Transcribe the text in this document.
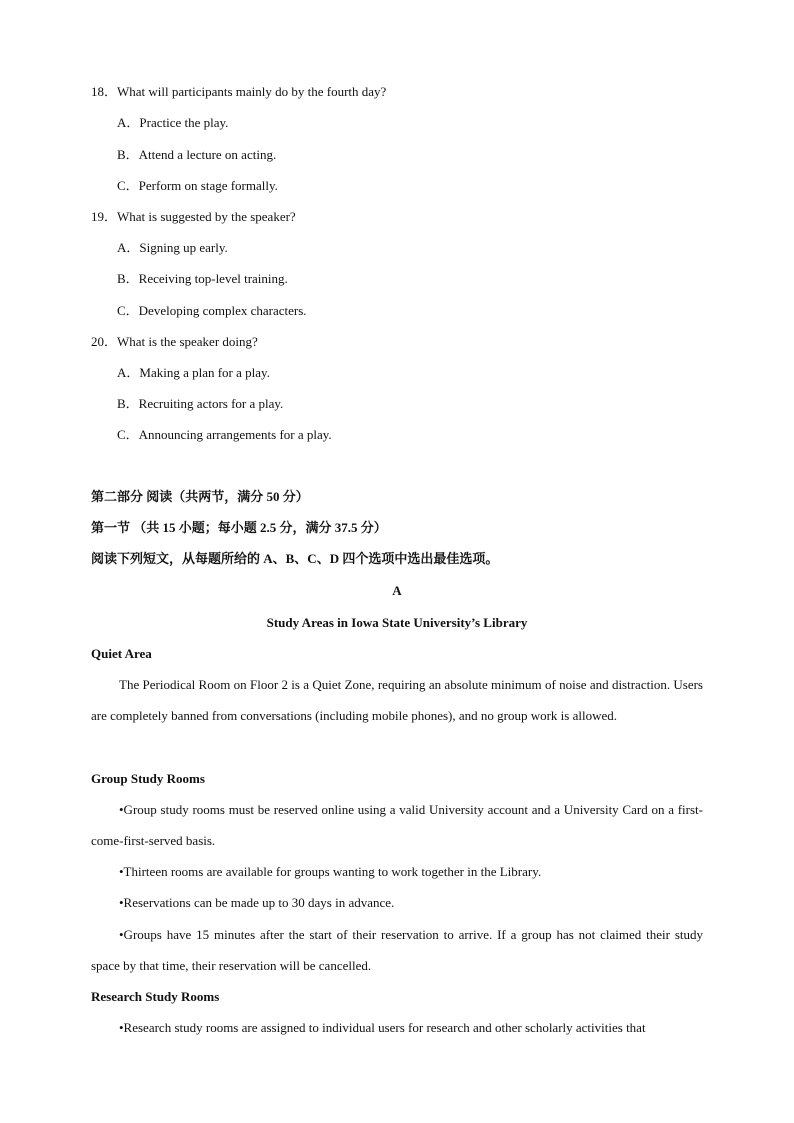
18．What will participants mainly do by the fourth day?
A．Practice the play.
B．Attend a lecture on acting.
C．Perform on stage formally.
19．What is suggested by the speaker?
A．Signing up early.
B．Receiving top-level training.
C．Developing complex characters.
20．What is the speaker doing?
A．Making a plan for a play.
B．Recruiting actors for a play.
C．Announcing arrangements for a play.
第二部分 阅读（共两节，满分 50 分）
第一节 （共 15 小题；每小题 2.5 分，满分 37.5 分）
阅读下列短文，从每题所给的 A、B、C、D 四个选项中选出最佳选项。
A
Study Areas in Iowa State University’s Library
Quiet Area
The Periodical Room on Floor 2 is a Quiet Zone, requiring an absolute minimum of noise and distraction. Users are completely banned from conversations (including mobile phones), and no group work is allowed.
Group Study Rooms
•Group study rooms must be reserved online using a valid University account and a University Card on a first-come-first-served basis.
•Thirteen rooms are available for groups wanting to work together in the Library.
•Reservations can be made up to 30 days in advance.
•Groups have 15 minutes after the start of their reservation to arrive. If a group has not claimed their study space by that time, their reservation will be cancelled.
Research Study Rooms
•Research study rooms are assigned to individual users for research and other scholarly activities that
